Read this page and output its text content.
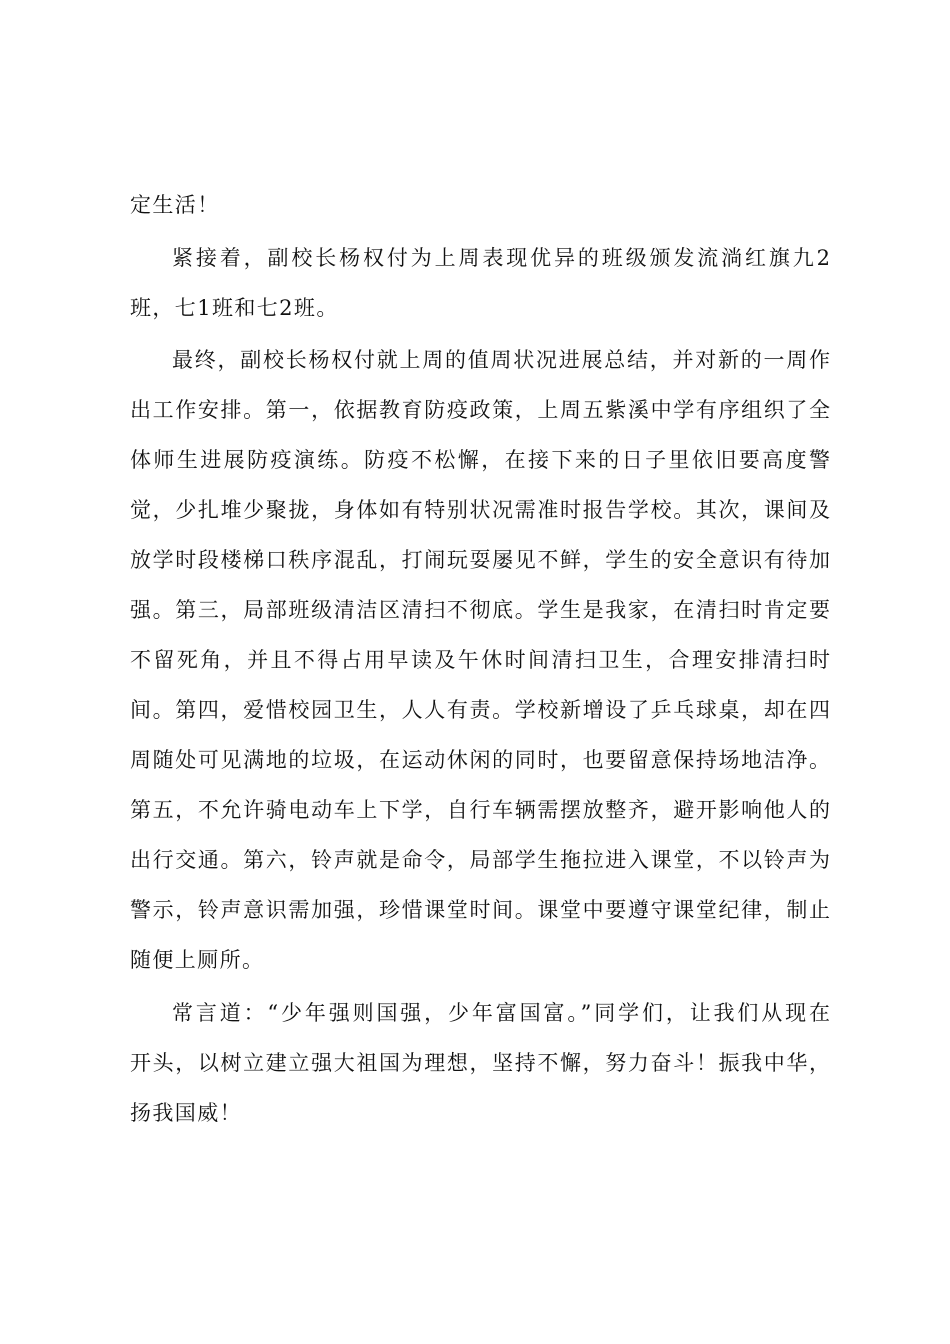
定生活！
紧接着，副校长杨权付为上周表现优异的班级颁发流淌红旗九2
班，七1班和七2班。
最终，副校长杨权付就上周的值周状况进展总结，并对新的一周作
出工作安排。第一，依据教育防疫政策，上周五紫溪中学有序组织了全
体师生进展防疫演练。防疫不松懈，在接下来的日子里依旧要高度警
觉，少扎堆少聚拢，身体如有特别状况需准时报告学校。其次，课间及
放学时段楼梯口秩序混乱，打闹玩耍屡见不鲜，学生的安全意识有待加
强。第三，局部班级清洁区清扫不彻底。学生是我家，在清扫时肯定要
不留死角，并且不得占用早读及午休时间清扫卫生，合理安排清扫时
间。第四，爱惜校园卫生，人人有责。学校新增设了乒乓球桌，却在四
周随处可见满地的垃圾，在运动休闲的同时，也要留意保持场地洁净。
第五，不允许骑电动车上下学，自行车辆需摆放整齐，避开影响他人的
出行交通。第六，铃声就是命令，局部学生拖拉进入课堂，不以铃声为
警示，铃声意识需加强，珍惜课堂时间。课堂中要遵守课堂纪律，制止
随便上厕所。
常言道：“少年强则国强，少年富国富。”同学们，让我们从现在
开头，以树立建立强大祖国为理想，坚持不懈，努力奋斗！振我中华，
扬我国威！
